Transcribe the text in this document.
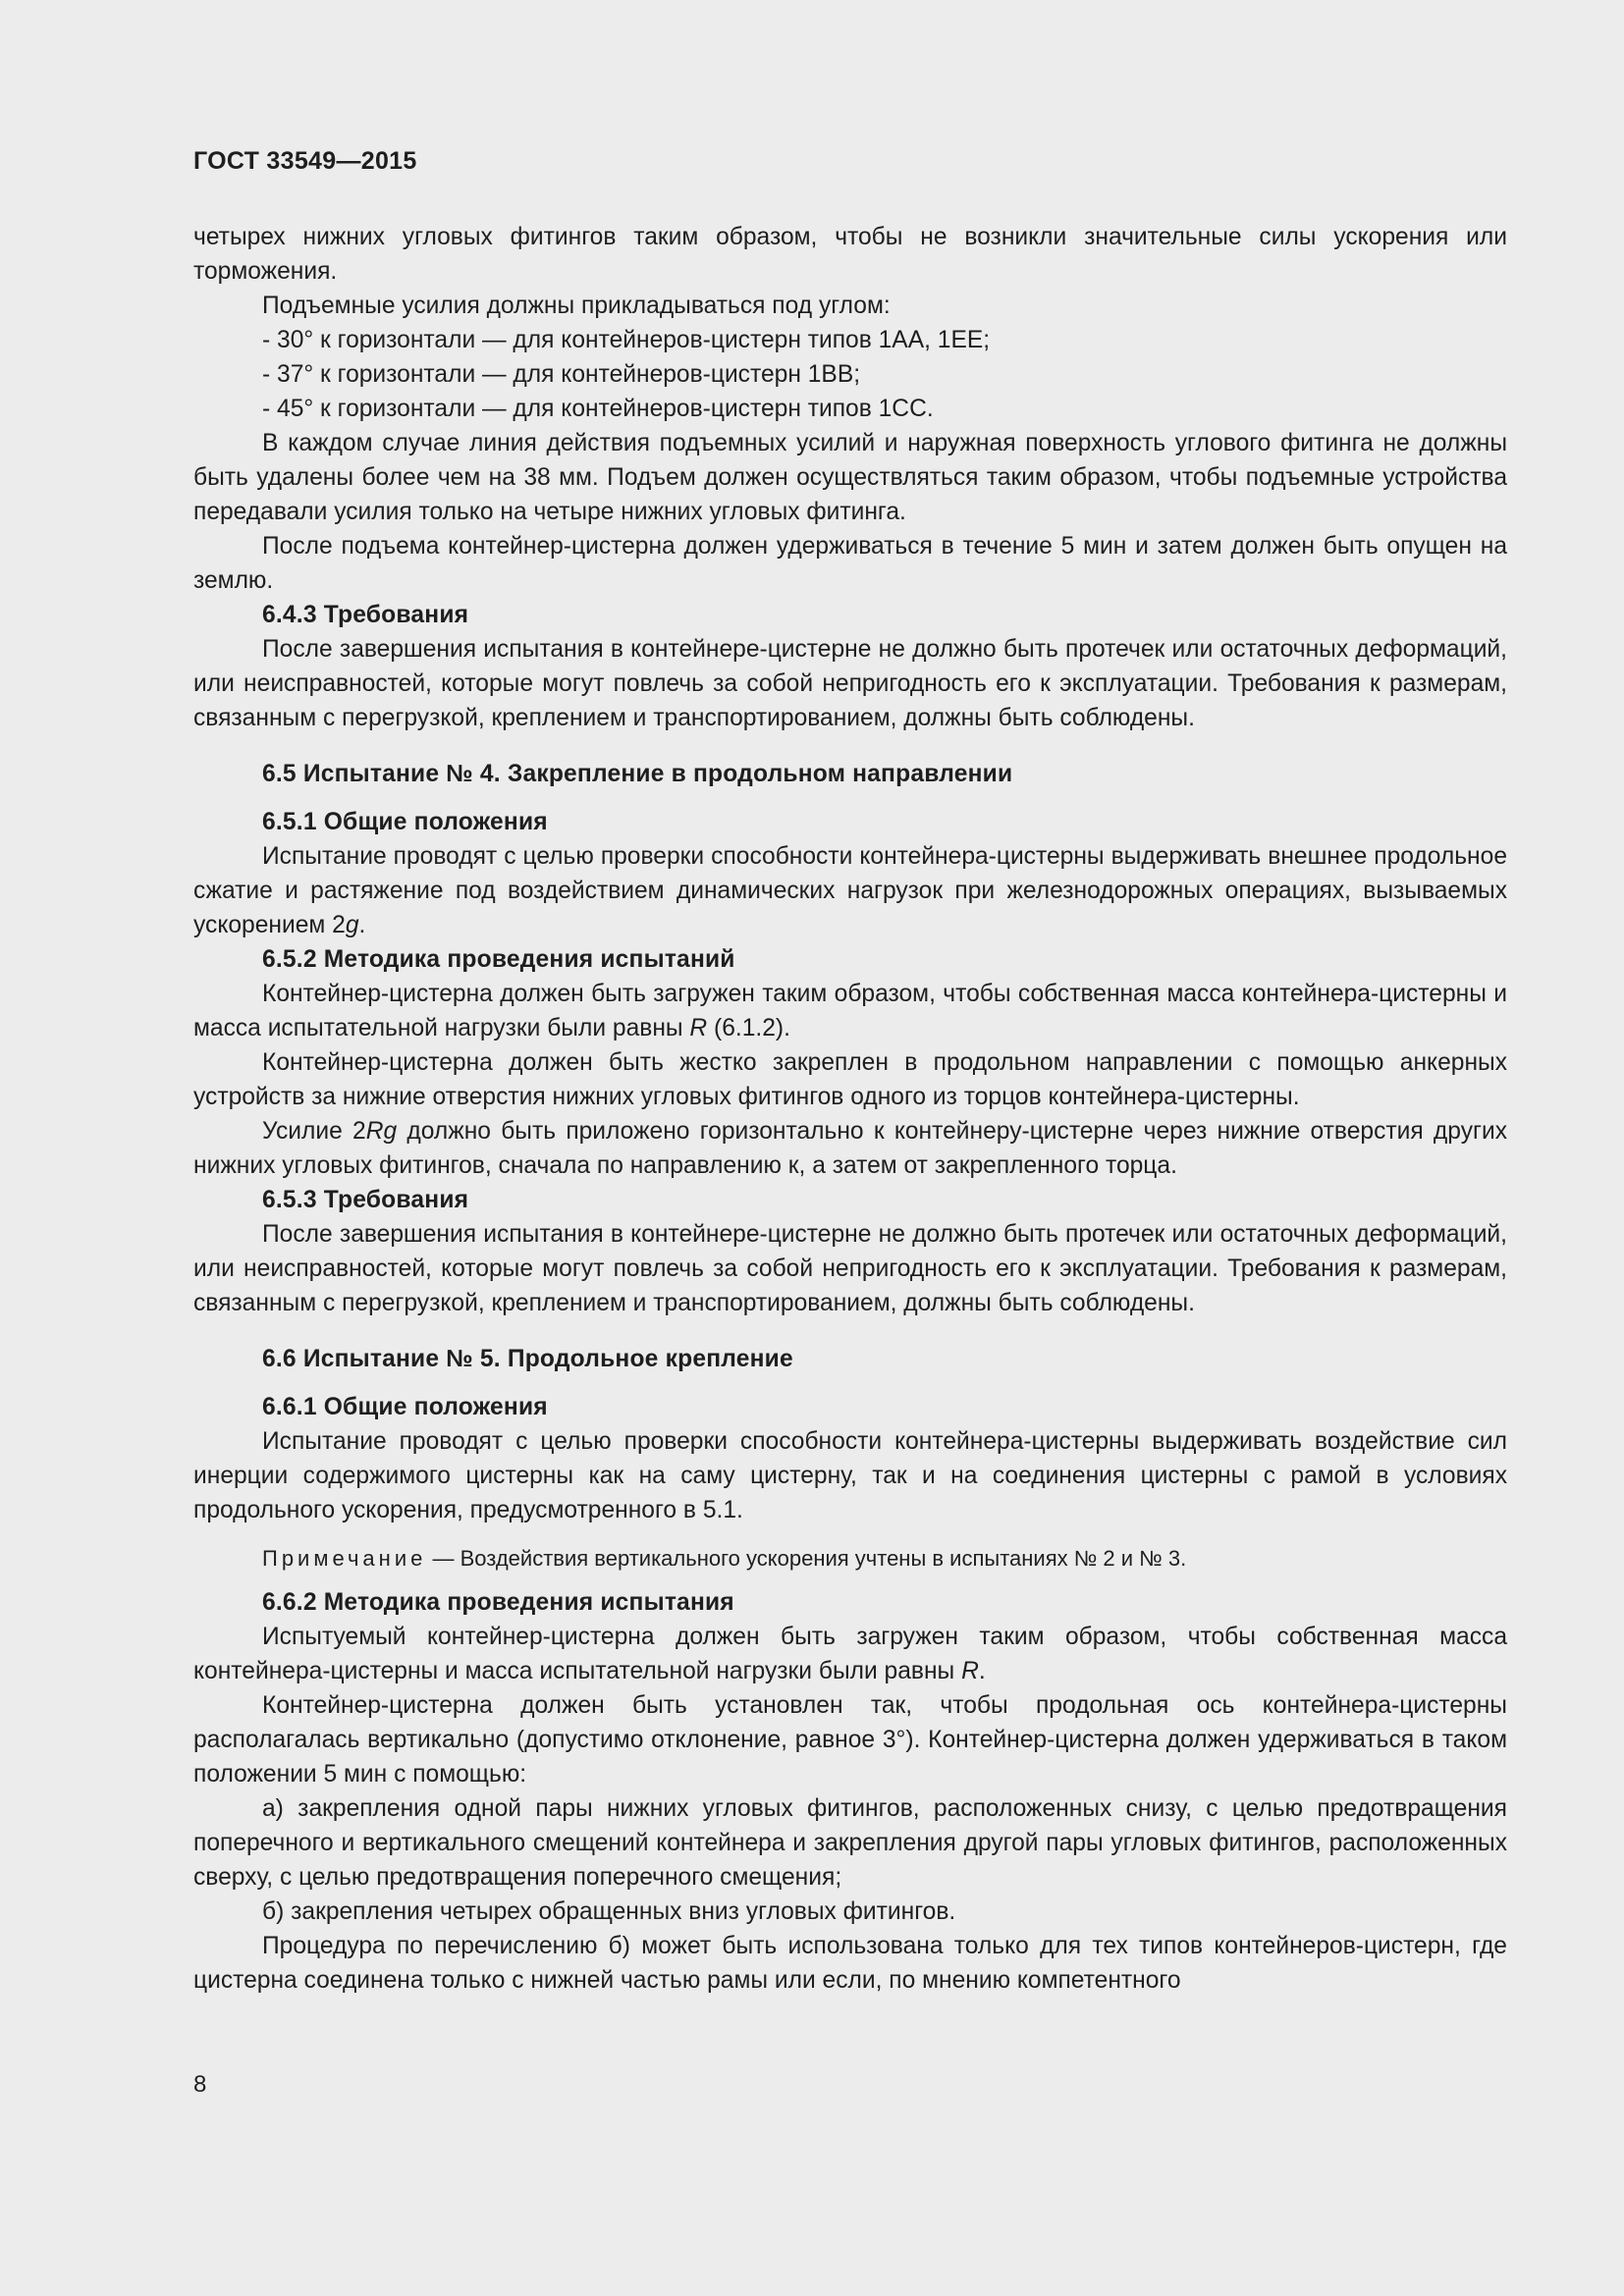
ГОСТ 33549—2015

четырех нижних угловых фитингов таким образом, чтобы не возникли значительные силы ускорения или торможения.

Подъемные усилия должны прикладываться под углом:

- 30° к горизонтали — для контейнеров-цистерн типов 1АА, 1ЕЕ;

- 37° к горизонтали — для контейнеров-цистерн 1ВВ;

- 45° к горизонтали — для контейнеров-цистерн типов 1СС.

В каждом случае линия действия подъемных усилий и наружная поверхность углового фитинга не должны быть удалены более чем на 38 мм. Подъем должен осуществляться таким образом, чтобы подъемные устройства передавали усилия только на четыре нижних угловых фитинга.

После подъема контейнер-цистерна должен удерживаться в течение 5 мин и затем должен быть опущен на землю.

6.4.3 Требования

После завершения испытания в контейнере-цистерне не должно быть протечек или остаточных деформаций, или неисправностей, которые могут повлечь за собой непригодность его к эксплуатации. Требования к размерам, связанным с перегрузкой, креплением и транспортированием, должны быть соблюдены.

6.5 Испытание № 4. Закрепление в продольном направлении
6.5.1 Общие положения

Испытание проводят с целью проверки способности контейнера-цистерны выдерживать внешнее продольное сжатие и растяжение под воздействием динамических нагрузок при железнодорожных операциях, вызываемых ускорением 2g.

6.5.2 Методика проведения испытаний

Контейнер-цистерна должен быть загружен таким образом, чтобы собственная масса контейнера-цистерны и масса испытательной нагрузки были равны R (6.1.2).

Контейнер-цистерна должен быть жестко закреплен в продольном направлении с помощью анкерных устройств за нижние отверстия нижних угловых фитингов одного из торцов контейнера-цистерны.

Усилие 2Rg должно быть приложено горизонтально к контейнеру-цистерне через нижние отверстия других нижних угловых фитингов, сначала по направлению к, а затем от закрепленного торца.

6.5.3 Требования

После завершения испытания в контейнере-цистерне не должно быть протечек или остаточных деформаций, или неисправностей, которые могут повлечь за собой непригодность его к эксплуатации. Требования к размерам, связанным с перегрузкой, креплением и транспортированием, должны быть соблюдены.

6.6 Испытание № 5. Продольное крепление
6.6.1 Общие положения

Испытание проводят с целью проверки способности контейнера-цистерны выдерживать воздействие сил инерции содержимого цистерны как на саму цистерну, так и на соединения цистерны с рамой в условиях продольного ускорения, предусмотренного в 5.1.

Примечание — Воздействия вертикального ускорения учтены в испытаниях № 2 и № 3.
6.6.2 Методика проведения испытания

Испытуемый контейнер-цистерна должен быть загружен таким образом, чтобы собственная масса контейнера-цистерны и масса испытательной нагрузки были равны R.

Контейнер-цистерна должен быть установлен так, чтобы продольная ось контейнера-цистерны располагалась вертикально (допустимо отклонение, равное 3°). Контейнер-цистерна должен удерживаться в таком положении 5 мин с помощью:

а) закрепления одной пары нижних угловых фитингов, расположенных снизу, с целью предотвращения поперечного и вертикального смещений контейнера и закрепления другой пары угловых фитингов, расположенных сверху, с целью предотвращения поперечного смещения;

б) закрепления четырех обращенных вниз угловых фитингов.

Процедура по перечислению б) может быть использована только для тех типов контейнеров-цистерн, где цистерна соединена только с нижней частью рамы или если, по мнению компетентного

8
